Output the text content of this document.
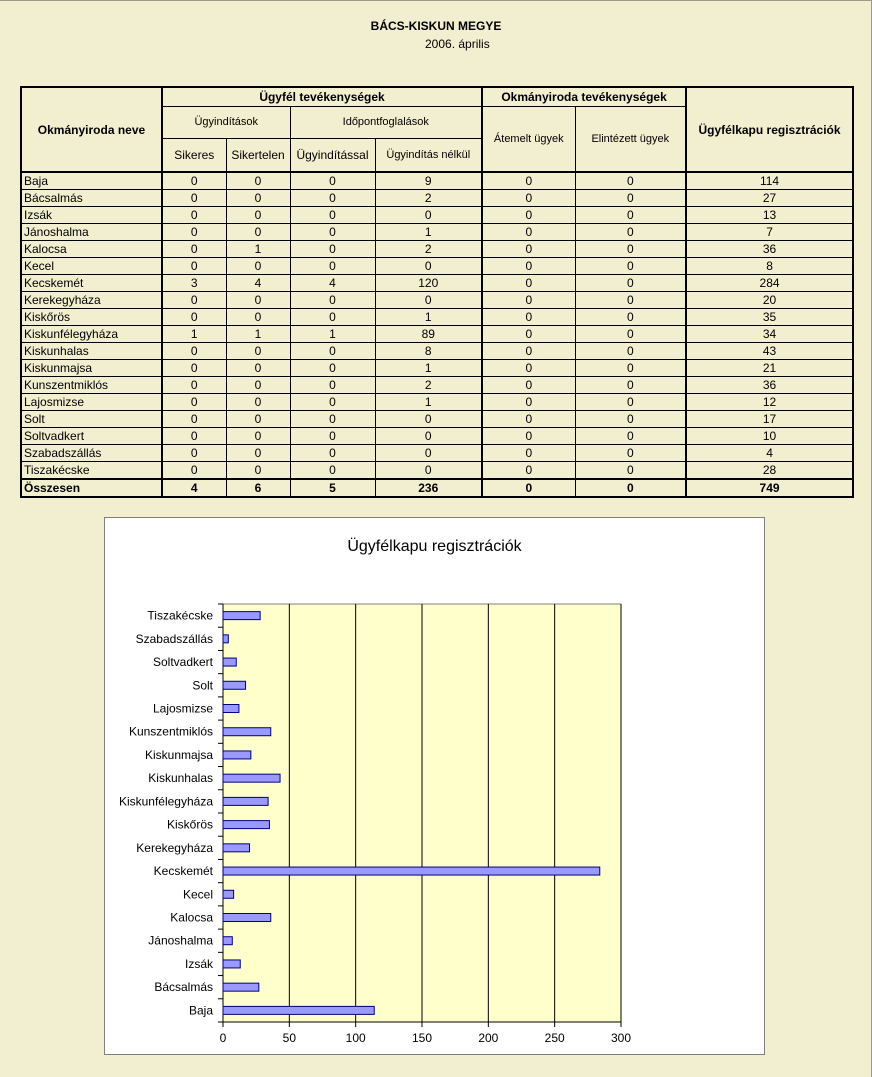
BÁCS-KISKUN MEGYE
2006. április
Okmányiroda neve	Ügyfél tevékenységek				Okmányiroda tevékenységek		Ügyfélkapu regisztrációk
	Ügyindítások		Időpontfoglalások		Átemelt ügyek	Elintézett ügyek	
	Sikeres	Sikertelen	Ügyindítással	Ügyindítás nélkül			
Baja	0	0	0	9	0	0	114
Bácsalmás	0	0	0	2	0	0	27
Izsák	0	0	0	0	0	0	13
Jánoshalma	0	0	0	1	0	0	7
Kalocsa	0	1	0	2	0	0	36
Kecel	0	0	0	0	0	0	8
Kecskemét	3	4	4	120	0	0	284
Kerekegyháza	0	0	0	0	0	0	20
Kiskőrös	0	0	0	1	0	0	35
Kiskunfélegyháza	1	1	1	89	0	0	34
Kiskunhalas	0	0	0	8	0	0	43
Kiskunmajsa	0	0	0	1	0	0	21
Kunszentmiklós	0	0	0	2	0	0	36
Lajosmizse	0	0	0	1	0	0	12
Solt	0	0	0	0	0	0	17
Soltvadkert	0	0	0	0	0	0	10
Szabadszállás	0	0	0	0	0	0	4
Tiszakécske	0	0	0	0	0	0	28
Összesen	4	6	5	236	0	0	749
Ügyfélkapu regisztrációk
0	50	100	150	200	250	300
Baja
Bácsalmás
Izsák
Jánoshalma
Kalocsa
Kecel
Kecskemét
Kerekegyháza
Kiskőrös
Kiskunfélegyháza
Kiskunhalas
Kiskunmajsa
Kunszentmiklós
Lajosmizse
Solt
Soltvadkert
Szabadszállás
Tiszakécske
